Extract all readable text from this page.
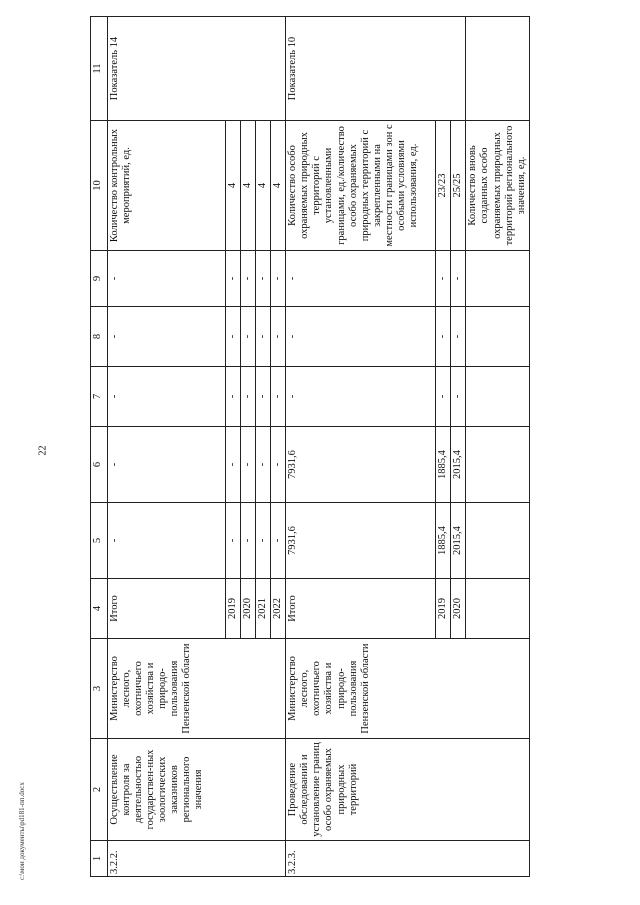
22
1	2	3	4	5	6	7	8	9	10	11
3.2.2.	Осуществление контроля за деятельностью государствен-ных зоологических заказников регионального значения	Министерство лесного, охотничьего хозяйства и природо-пользования Пензенской области	Итого	-	-	-	-	-	Количество контрольных мероприятий, ед.	Показатель 14
			2019	-	-	-	-	-	4	
			2020	-	-	-	-	-	4	
			2021	-	-	-	-	-	4	
			2022	-	-	-	-	-	4	
3.2.3.	Проведение обследований и установление границ особо охраняемых природных территорий	Министерство лесного, охотничьего хозяйства и природо-пользования Пензенской области	Итого	7931,6	7931,6	-	-	-	Количество особо охраняемых природных территорий с установленными границами, ед./количество особо охраняемых природных территорий с закрепленными на местности границами зон с особыми условиями использования, ед.	Показатель 10
			2019	1885,4	1885,4	-	-	-	23/23	
			2020	2015,4	2015,4	-	-	-	25/25	
									Количество вновь созданных особо охраняемых природных территорий регионального значения, ед.	
c:\мои документы\pd181-пп.docx
